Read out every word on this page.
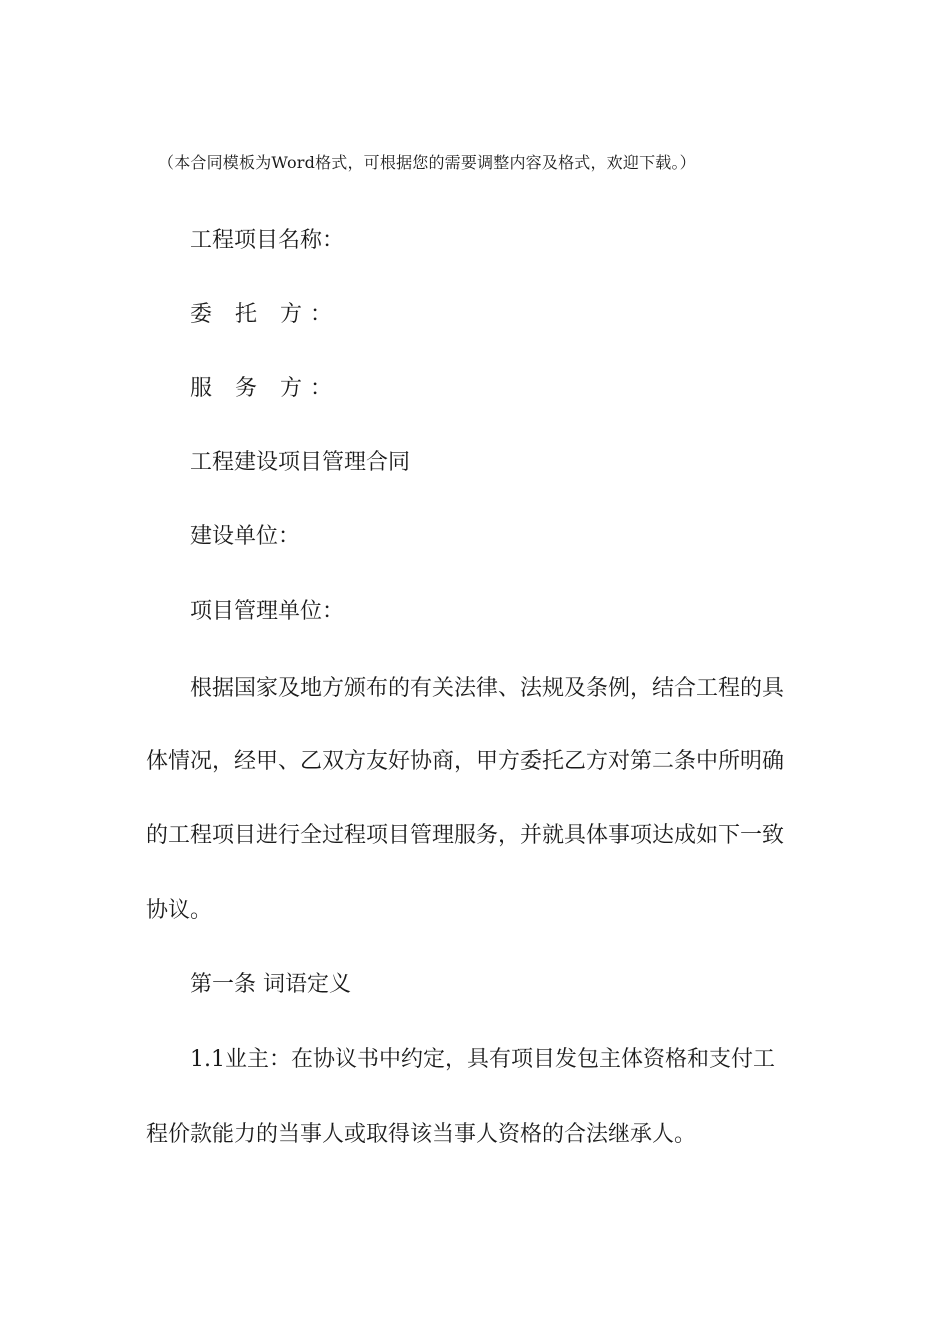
（本合同模板为Word格式，可根据您的需要调整内容及格式，欢迎下载。）
工程项目名称：
委 托 方：
服 务 方：
工程建设项目管理合同
建设单位：
项目管理单位：
根据国家及地方颁布的有关法律、法规及条例，结合工程的具
体情况，经甲、乙双方友好协商，甲方委托乙方对第二条中所明确
的工程项目进行全过程项目管理服务，并就具体事项达成如下一致
协议。
第一条 词语定义
1.1业主：在协议书中约定，具有项目发包主体资格和支付工
程价款能力的当事人或取得该当事人资格的合法继承人。
